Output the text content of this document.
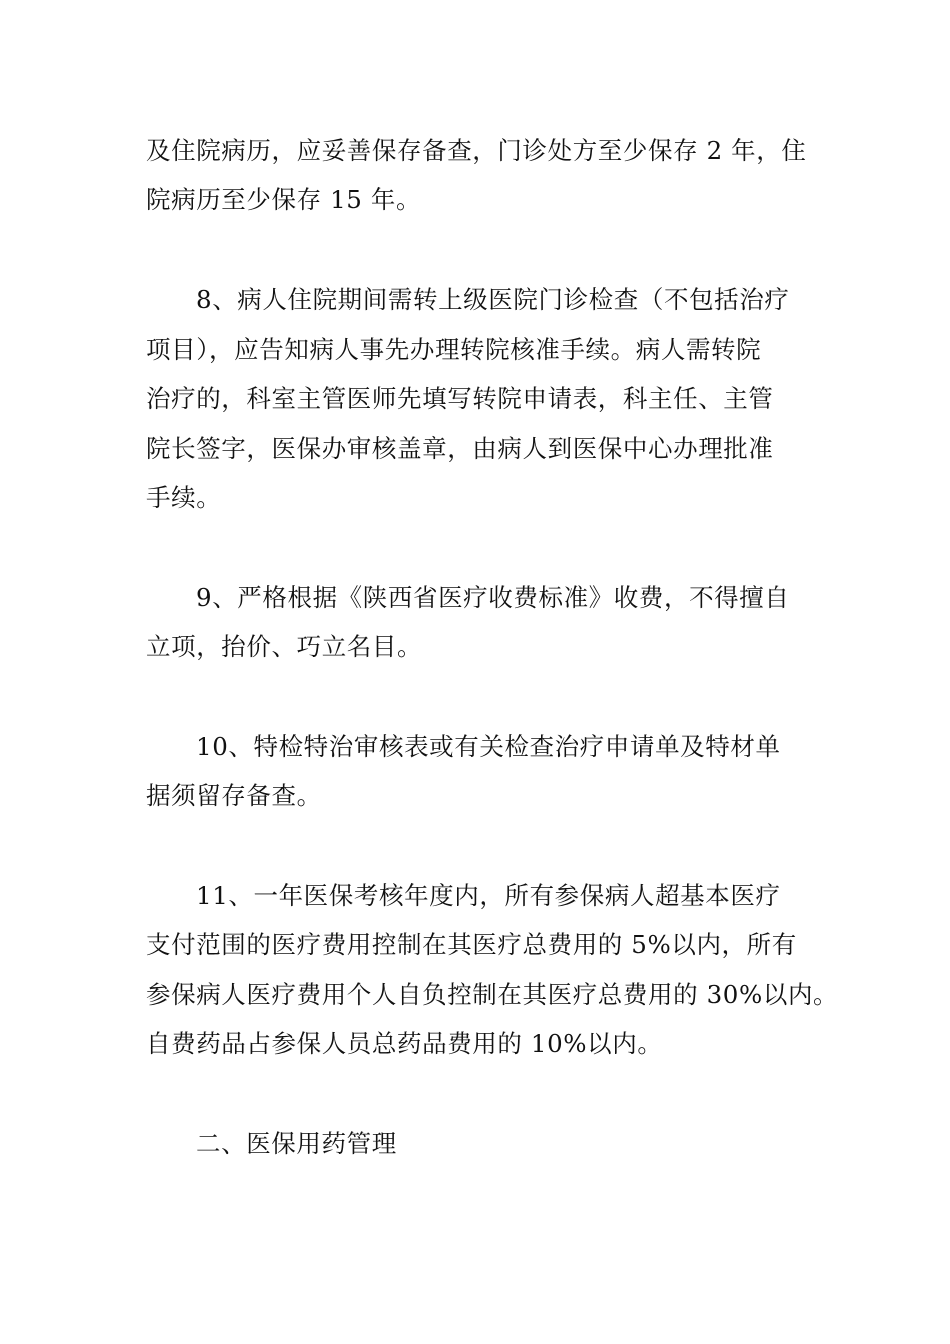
及住院病历，应妥善保存备查，门诊处方至少保存 2 年，住
院病历至少保存 15 年。
8、病人住院期间需转上级医院门诊检查（不包括治疗
项目），应告知病人事先办理转院核准手续。病人需转院
治疗的，科室主管医师先填写转院申请表，科主任、主管
院长签字，医保办审核盖章，由病人到医保中心办理批准
手续。
9、严格根据《陕西省医疗收费标准》收费，不得擅自
立项，抬价、巧立名目。
10、特检特治审核表或有关检查治疗申请单及特材单
据须留存备查。
11、一年医保考核年度内，所有参保病人超基本医疗
支付范围的医疗费用控制在其医疗总费用的 5%以内，所有
参保病人医疗费用个人自负控制在其医疗总费用的 30%以内。
自费药品占参保人员总药品费用的 10%以内。
二、医保用药管理
